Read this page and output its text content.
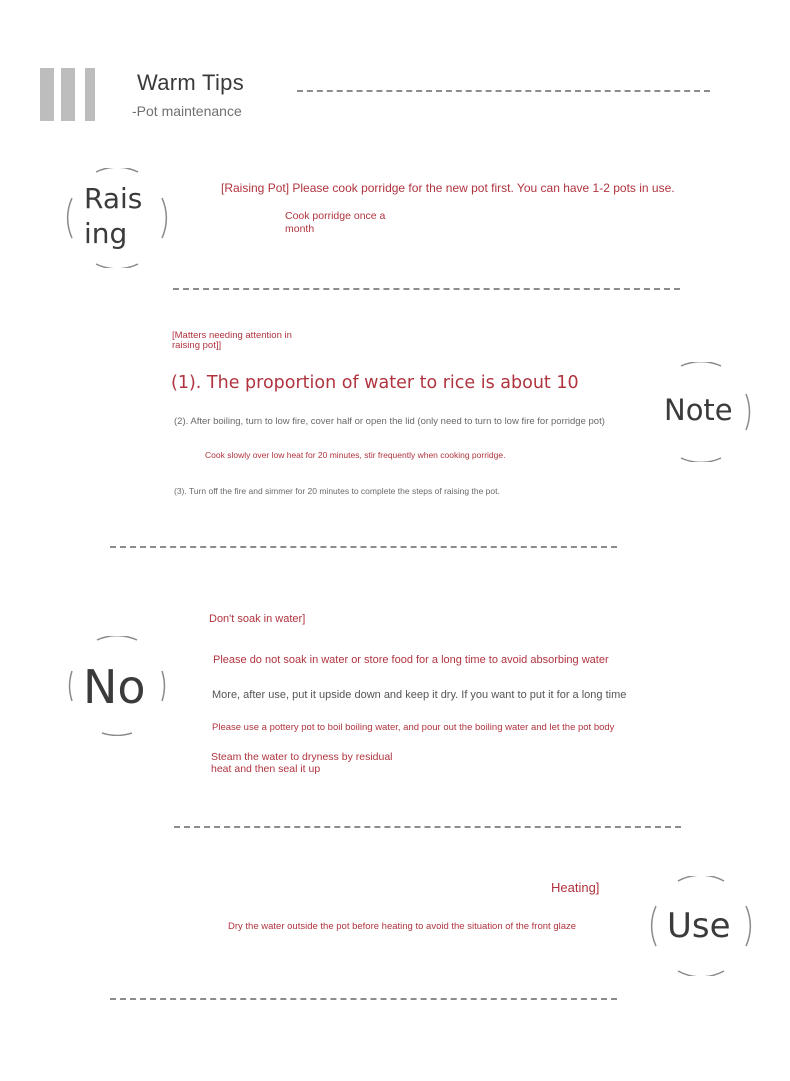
Warm Tips
-Pot maintenance
Rais
ing
[Raising Pot] Please cook porridge for the new pot first. You can have 1-2 pots in use.
Cook porridge once a
month
[Matters needing attention in
raising pot]]
(1). The proportion of water to rice is about 10
Note
(2). After boiling, turn to low fire, cover half or open the lid (only need to turn to low fire for porridge pot)
Cook slowly over low heat for 20 minutes, stir frequently when cooking porridge.
(3). Turn off the fire and simmer for 20 minutes to complete the steps of raising the pot.
Don't soak in water]
No	Please do not soak in water or store food for a long time to avoid absorbing water
More, after use, put it upside down and keep it dry. If you want to put it for a long time
Please use a pottery pot to boil boiling water, and pour out the boiling water and let the pot body
Steam the water to dryness by residual
heat and then seal it up
Heating]
Use
Dry the water outside the pot before heating to avoid the situation of the front glaze
